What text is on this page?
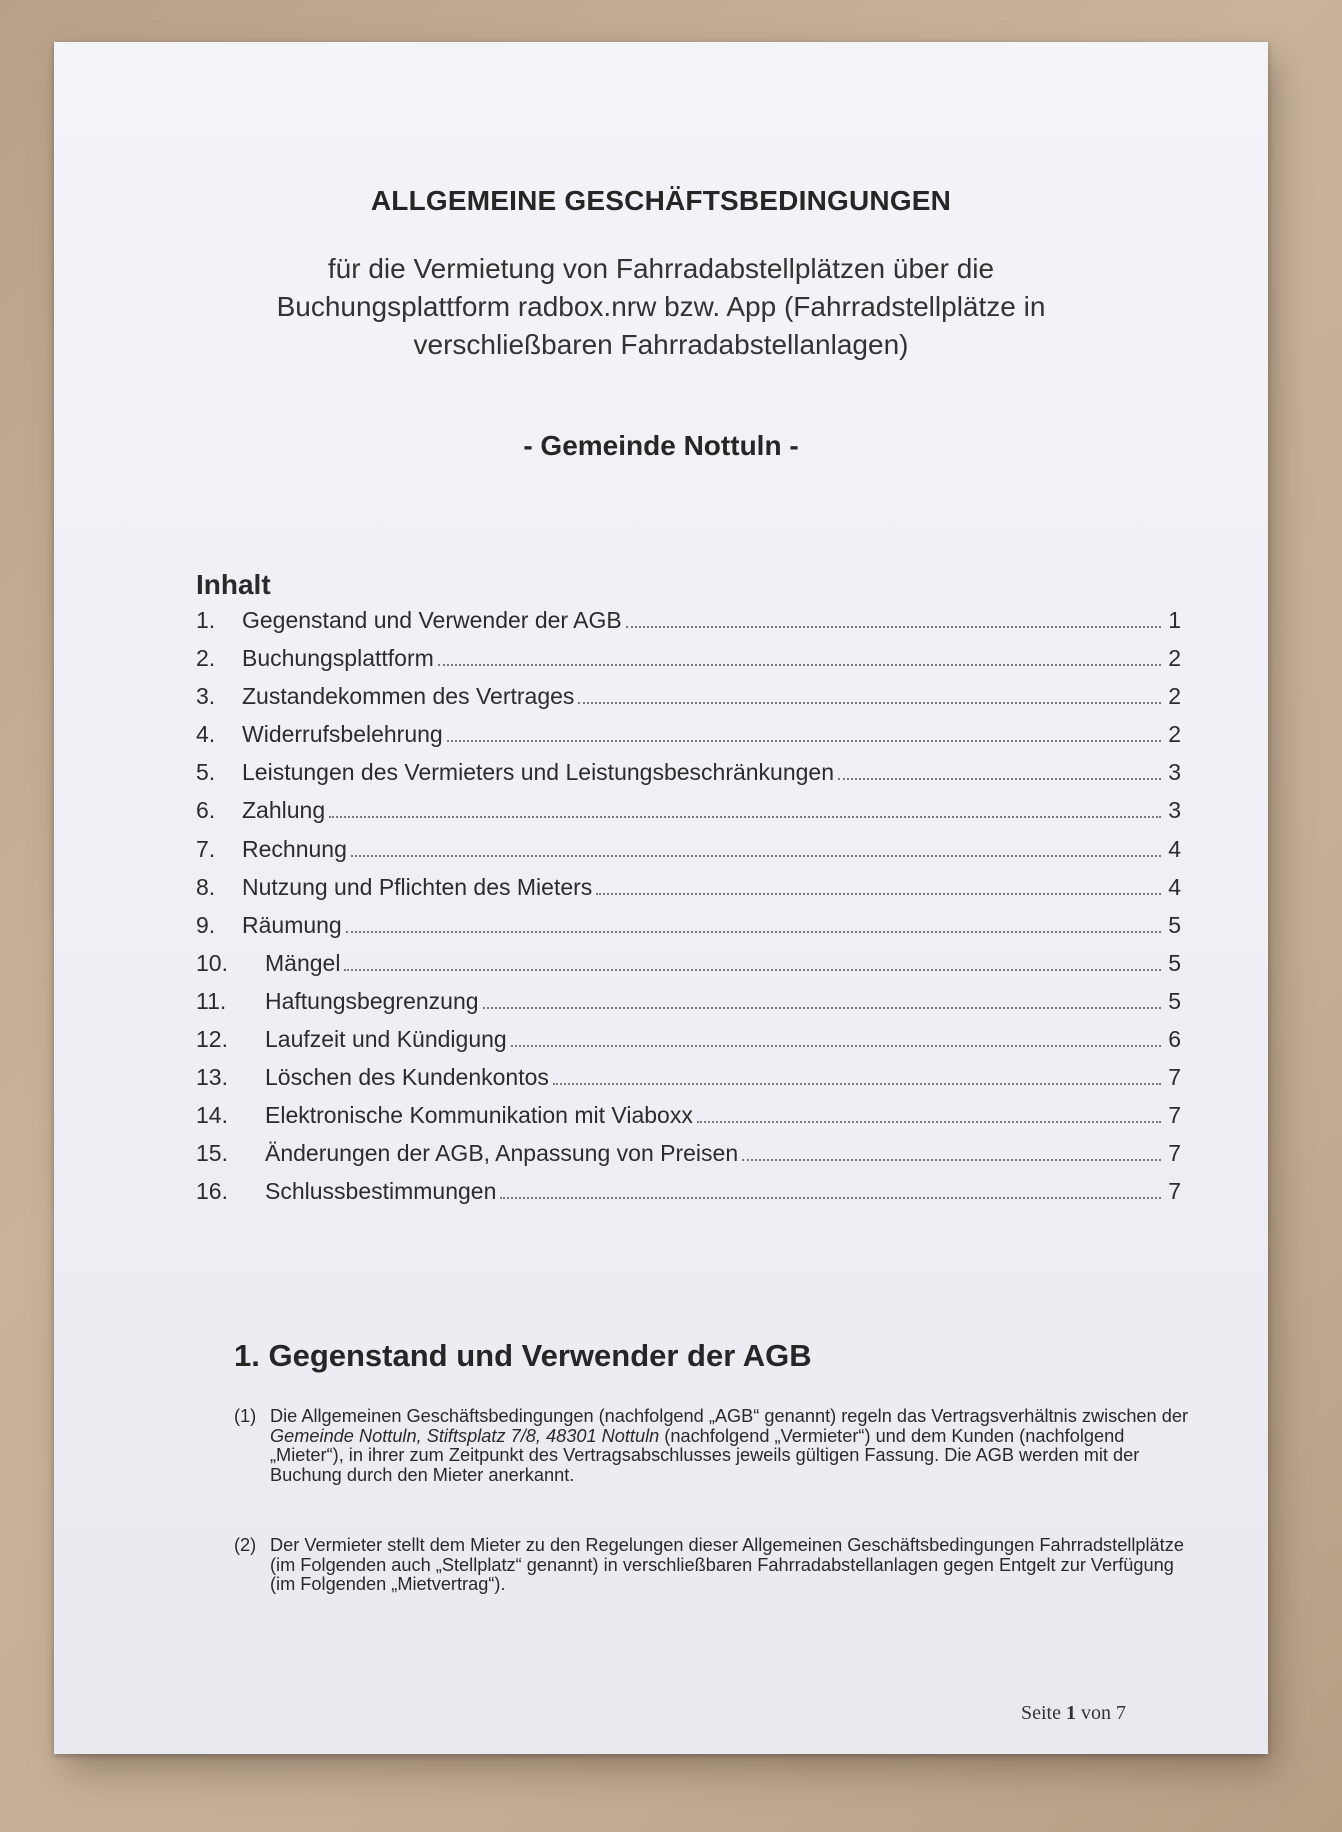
ALLGEMEINE GESCHÄFTSBEDINGUNGEN
für die Vermietung von Fahrradabstellplätzen über die Buchungsplattform radbox.nrw bzw. App (Fahrradstellplätze in verschließbaren Fahrradabstellanlagen)
- Gemeinde Nottuln -
Inhalt
1.	Gegenstand und Verwender der AGB	1
2.	Buchungsplattform	2
3.	Zustandekommen des Vertrages	2
4.	Widerrufsbelehrung	2
5.	Leistungen des Vermieters und Leistungsbeschränkungen	3
6.	Zahlung	3
7.	Rechnung	4
8.	Nutzung und Pflichten des Mieters	4
9.	Räumung	5
10.	Mängel	5
11.	Haftungsbegrenzung	5
12.	Laufzeit und Kündigung	6
13.	Löschen des Kundenkontos	7
14.	Elektronische Kommunikation mit Viaboxx	7
15.	Änderungen der AGB, Anpassung von Preisen	7
16.	Schlussbestimmungen	7
1. Gegenstand und Verwender der AGB
(1) Die Allgemeinen Geschäftsbedingungen (nachfolgend „AGB“ genannt) regeln das Vertragsverhältnis zwischen der Gemeinde Nottuln, Stiftsplatz 7/8, 48301 Nottuln (nachfolgend „Vermieter“) und dem Kunden (nachfolgend „Mieter“), in ihrer zum Zeitpunkt des Vertragsabschlusses jeweils gültigen Fassung. Die AGB werden mit der Buchung durch den Mieter anerkannt.
(2) Der Vermieter stellt dem Mieter zu den Regelungen dieser Allgemeinen Geschäftsbedingungen Fahrradstellplätze (im Folgenden auch „Stellplatz“ genannt) in verschließbaren Fahrradabstellanlagen gegen Entgelt zur Verfügung (im Folgenden „Mietvertrag“).
Seite 1 von 7
